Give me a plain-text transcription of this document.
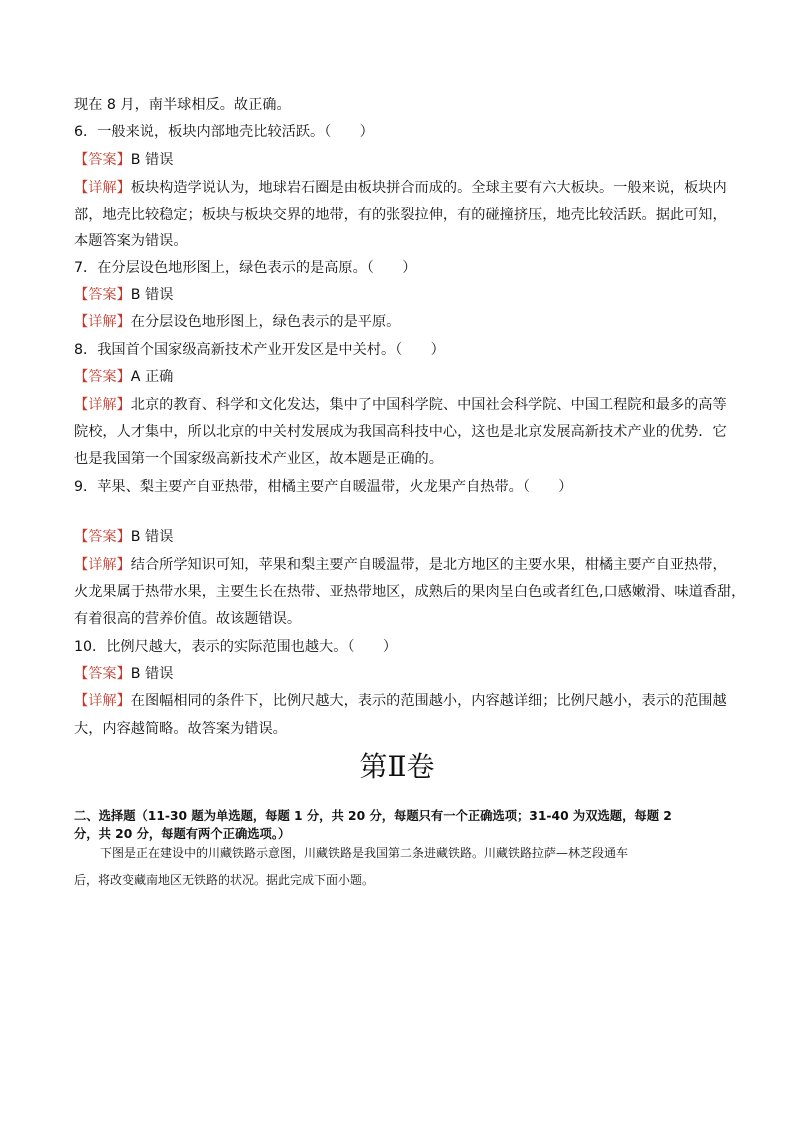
现在 8 月，南半球相反。故正确。
6．一般来说，板块内部地壳比较活跃。（　　）
【答案】B 错误
【详解】板块构造学说认为，地球岩石圈是由板块拼合而成的。全球主要有六大板块。一般来说，板块内
部，地壳比较稳定；板块与板块交界的地带，有的张裂拉伸，有的碰撞挤压，地壳比较活跃。据此可知，
本题答案为错误。
7．在分层设色地形图上，绿色表示的是高原。（　　）
【答案】B 错误
【详解】在分层设色地形图上，绿色表示的是平原。
8．我国首个国家级高新技术产业开发区是中关村。（　　）
【答案】A 正确
【详解】北京的教育、科学和文化发达，集中了中国科学院、中国社会科学院、中国工程院和最多的高等
院校，人才集中，所以北京的中关村发展成为我国高科技中心，这也是北京发展高新技术产业的优势．它
也是我国第一个国家级高新技术产业区，故本题是正确的。
9．苹果、梨主要产自亚热带，柑橘主要产自暖温带，火龙果产自热带。（　　）
【答案】B 错误
【详解】结合所学知识可知，苹果和梨主要产自暖温带，是北方地区的主要水果，柑橘主要产自亚热带，
火龙果属于热带水果，主要生长在热带、亚热带地区，成熟后的果肉呈白色或者红色,口感嫩滑、味道香甜，
有着很高的营养价值。故该题错误。
10．比例尺越大，表示的实际范围也越大。（　　）
【答案】B 错误
【详解】在图幅相同的条件下，比例尺越大，表示的范围越小，内容越详细；比例尺越小，表示的范围越
大，内容越简略。故答案为错误。
第Ⅱ卷
二、选择题（11-30 题为单选题，每题 1 分，共 20 分，每题只有一个正确选项；31-40 为双选题，每题 2
分，共 20 分，每题有两个正确选项。）
下图是正在建设中的川藏铁路示意图，川藏铁路是我国第二条进藏铁路。川藏铁路拉萨—林芝段通车
后，将改变藏南地区无铁路的状况。据此完成下面小题。
